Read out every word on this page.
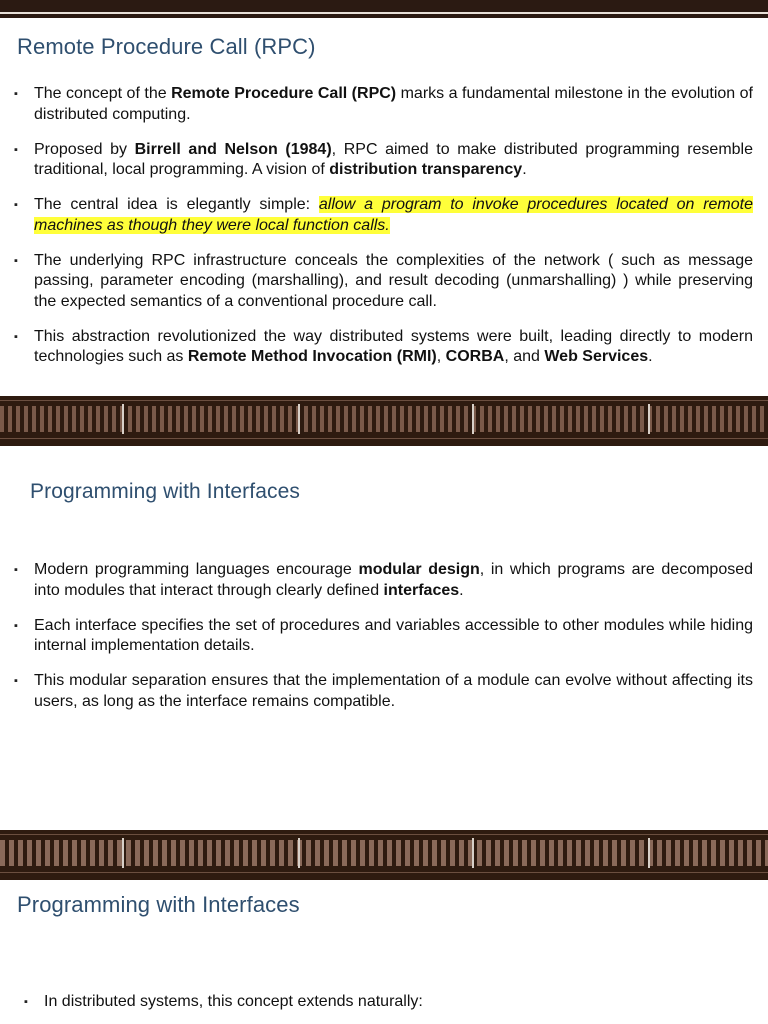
Remote Procedure Call (RPC)
▪ The concept of the Remote Procedure Call (RPC) marks a fundamental milestone in the evolution of distributed computing.
▪ Proposed by Birrell and Nelson (1984), RPC aimed to make distributed programming resemble traditional, local programming. A vision of distribution transparency.
▪ The central idea is elegantly simple: allow a program to invoke procedures located on remote machines as though they were local function calls.
▪ The underlying RPC infrastructure conceals the complexities of the network ( such as message passing, parameter encoding (marshalling), and result decoding (unmarshalling) ) while preserving the expected semantics of a conventional procedure call.
▪ This abstraction revolutionized the way distributed systems were built, leading directly to modern technologies such as Remote Method Invocation (RMI), CORBA, and Web Services.
Programming with Interfaces
▪ Modern programming languages encourage modular design, in which programs are decomposed into modules that interact through clearly defined interfaces.
▪ Each interface specifies the set of procedures and variables accessible to other modules while hiding internal implementation details.
▪ This modular separation ensures that the implementation of a module can evolve without affecting its users, as long as the interface remains compatible.
Programming with Interfaces
▪ In distributed systems, this concept extends naturally:
